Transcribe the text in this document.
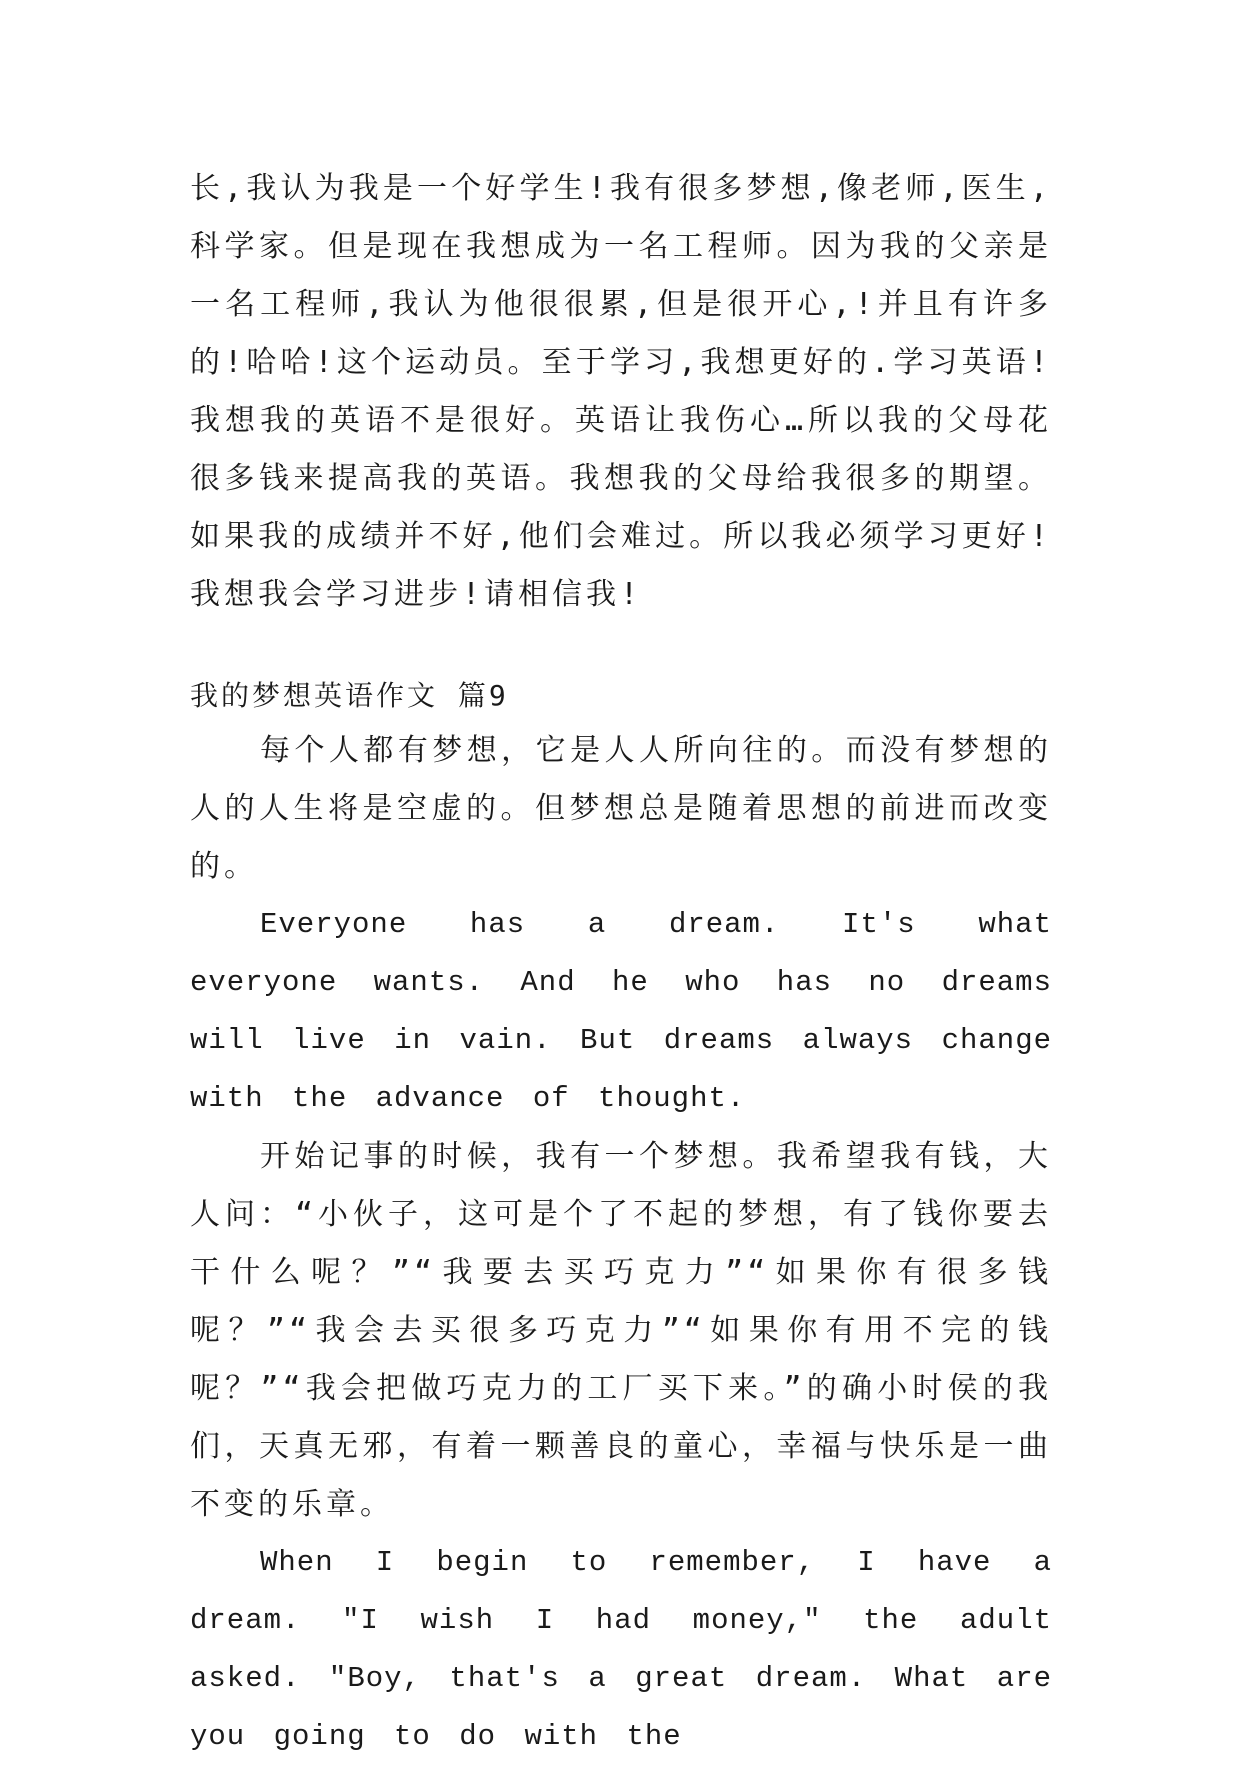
长,我认为我是一个好学生!我有很多梦想,像老师,医生,科学家。但是现在我想成为一名工程师。因为我的父亲是一名工程师,我认为他很很累,但是很开心,!并且有许多的!哈哈!这个运动员。至于学习,我想更好的.学习英语!我想我的英语不是很好。英语让我伤心…所以我的父母花很多钱来提高我的英语。我想我的父母给我很多的期望。如果我的成绩并不好,他们会难过。所以我必须学习更好!我想我会学习进步!请相信我!

我的梦想英语作文 篇9

每个人都有梦想，它是人人所向往的。而没有梦想的人的人生将是空虚的。但梦想总是随着思想的前进而改变的。

Everyone has a dream. It's what everyone wants. And he who has no dreams will live in vain. But dreams always change with the advance of thought.

开始记事的时候，我有一个梦想。我希望我有钱，大人问：“小伙子，这可是个了不起的梦想，有了钱你要去干什么呢？”“我要去买巧克力”“如果你有很多钱呢？”“我会去买很多巧克力”“如果你有用不完的钱呢？”“我会把做巧克力的工厂买下来。”的确小时侯的我们，天真无邪，有着一颗善良的童心，幸福与快乐是一曲不变的乐章。

When I begin to remember, I have a dream. "I wish I had money," the adult asked. "Boy, that's a great dream. What are you going to do with the
